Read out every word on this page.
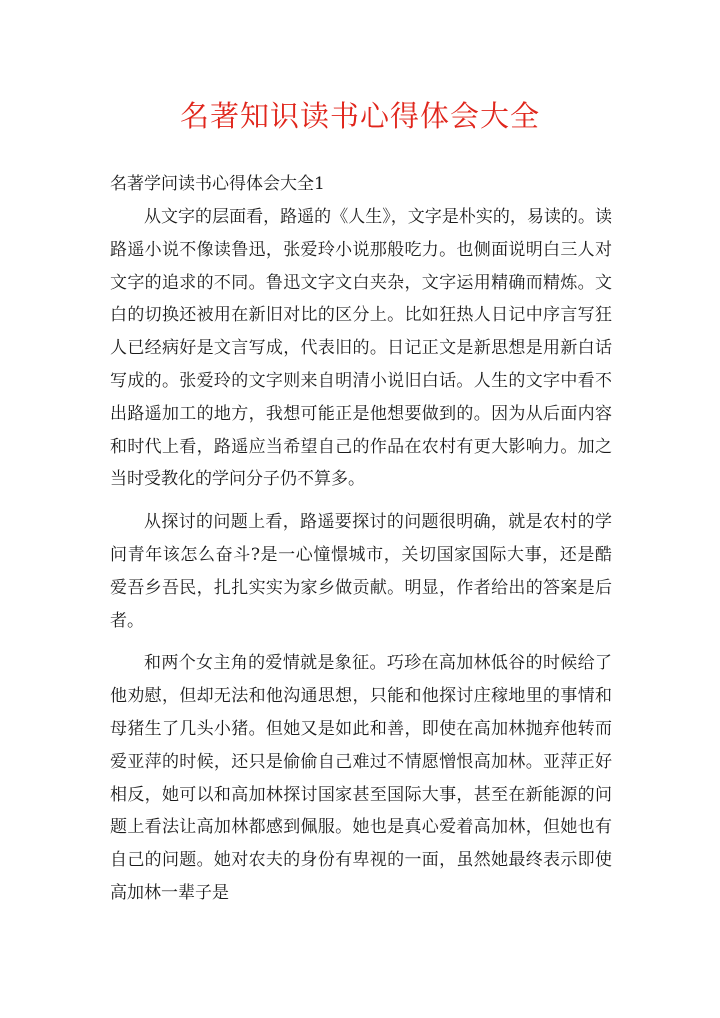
名著知识读书心得体会大全
名著学问读书心得体会大全1

从文字的层面看，路遥的《人生》，文字是朴实的，易读的。读路遥小说不像读鲁迅，张爱玲小说那般吃力。也侧面说明白三人对文字的追求的不同。鲁迅文字文白夹杂，文字运用精确而精炼。文白的切换还被用在新旧对比的区分上。比如狂热人日记中序言写狂人已经病好是文言写成，代表旧的。日记正文是新思想是用新白话写成的。张爱玲的文字则来自明清小说旧白话。人生的文字中看不出路遥加工的地方，我想可能正是他想要做到的。因为从后面内容和时代上看，路遥应当希望自己的作品在农村有更大影响力。加之当时受教化的学问分子仍不算多。

从探讨的问题上看，路遥要探讨的问题很明确，就是农村的学问青年该怎么奋斗?是一心憧憬城市，关切国家国际大事，还是酷爱吾乡吾民，扎扎实实为家乡做贡献。明显，作者给出的答案是后者。

和两个女主角的爱情就是象征。巧珍在高加林低谷的时候给了他劝慰，但却无法和他沟通思想，只能和他探讨庄稼地里的事情和母猪生了几头小猪。但她又是如此和善，即使在高加林抛弃他转而爱亚萍的时候，还只是偷偷自己难过不情愿憎恨高加林。亚萍正好相反，她可以和高加林探讨国家甚至国际大事，甚至在新能源的问题上看法让高加林都感到佩服。她也是真心爱着高加林，但她也有自己的问题。她对农夫的身份有卑视的一面，虽然她最终表示即使高加林一辈子是
